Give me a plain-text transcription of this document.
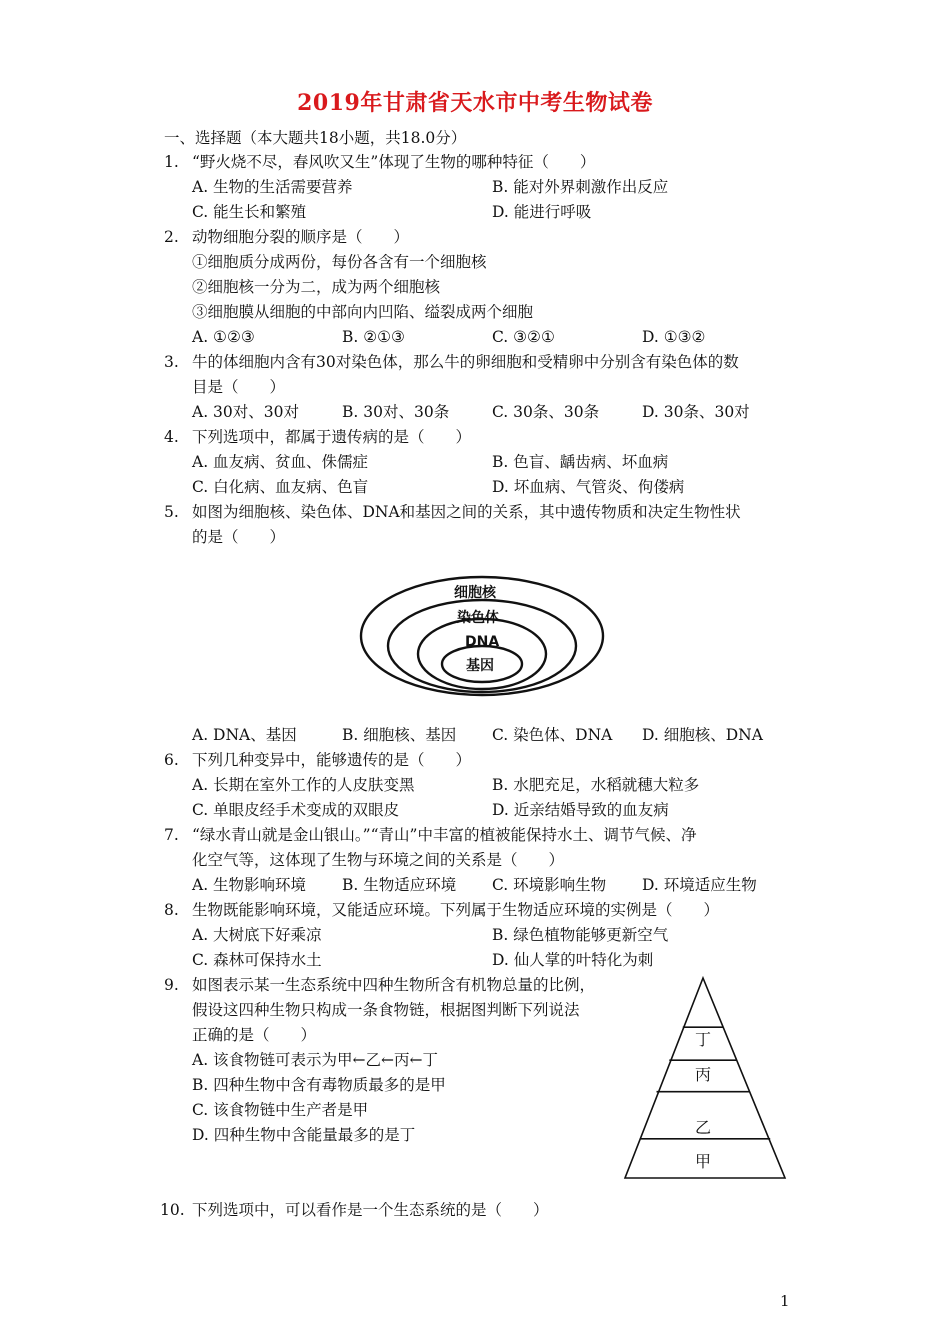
2019年甘肃省天水市中考生物试卷
一、选择题（本大题共18小题，共18.0分）
1. “野火烧不尽，春风吹又生”体现了生物的哪种特征（　　）
A. 生物的生活需要营养	B. 能对外界刺激作出反应
C. 能生长和繁殖	D. 能进行呼吸
2. 动物细胞分裂的顺序是（　　）
①细胞质分成两份，每份各含有一个细胞核
②细胞核一分为二，成为两个细胞核
③细胞膜从细胞的中部向内凹陷、缢裂成两个细胞
A. ①②③	B. ②①③	C. ③②①	D. ①③②
3. 牛的体细胞内含有30对染色体，那么牛的卵细胞和受精卵中分别含有染色体的数
目是（　　）
A. 30对、30对	B. 30对、30条	C. 30条、30条	D. 30条、30对
4. 下列选项中，都属于遗传病的是（　　）
A. 血友病、贫血、侏儒症	B. 色盲、龋齿病、坏血病
C. 白化病、血友病、色盲	D. 坏血病、气管炎、佝偻病
5. 如图为细胞核、染色体、DNA和基因之间的关系，其中遗传物质和决定生物性状
的是（　　）
细胞核
染色体
DNA
基因
A. DNA、基因	B. 细胞核、基因 C. 染色体、DNA D. 细胞核、DNA
6. 下列几种变异中，能够遗传的是（　　）
A. 长期在室外工作的人皮肤变黑	B. 水肥充足，水稻就穗大粒多
C. 单眼皮经手术变成的双眼皮	D. 近亲结婚导致的血友病
7. “绿水青山就是金山银山。”“青山”中丰富的植被能保持水土、调节气候、净
化空气等，这体现了生物与环境之间的关系是（　　）
A. 生物影响环境 B. 生物适应环境 C. 环境影响生物 D. 环境适应生物
8. 生物既能影响环境，又能适应环境。下列属于生物适应环境的实例是（　　）
A. 大树底下好乘凉	B. 绿色植物能够更新空气
C. 森林可保持水土	D. 仙人掌的叶特化为刺
9. 如图表示某一生态系统中四种生物所含有机物总量的比例，
假设这四种生物只构成一条食物链，根据图判断下列说法
正确的是（　　）
A. 该食物链可表示为甲←乙←丙←丁
B. 四种生物中含有毒物质最多的是甲
C. 该食物链中生产者是甲
D. 四种生物中含能量最多的是丁
丁
丙
乙
甲
10. 下列选项中，可以看作是一个生态系统的是（　　）
1
